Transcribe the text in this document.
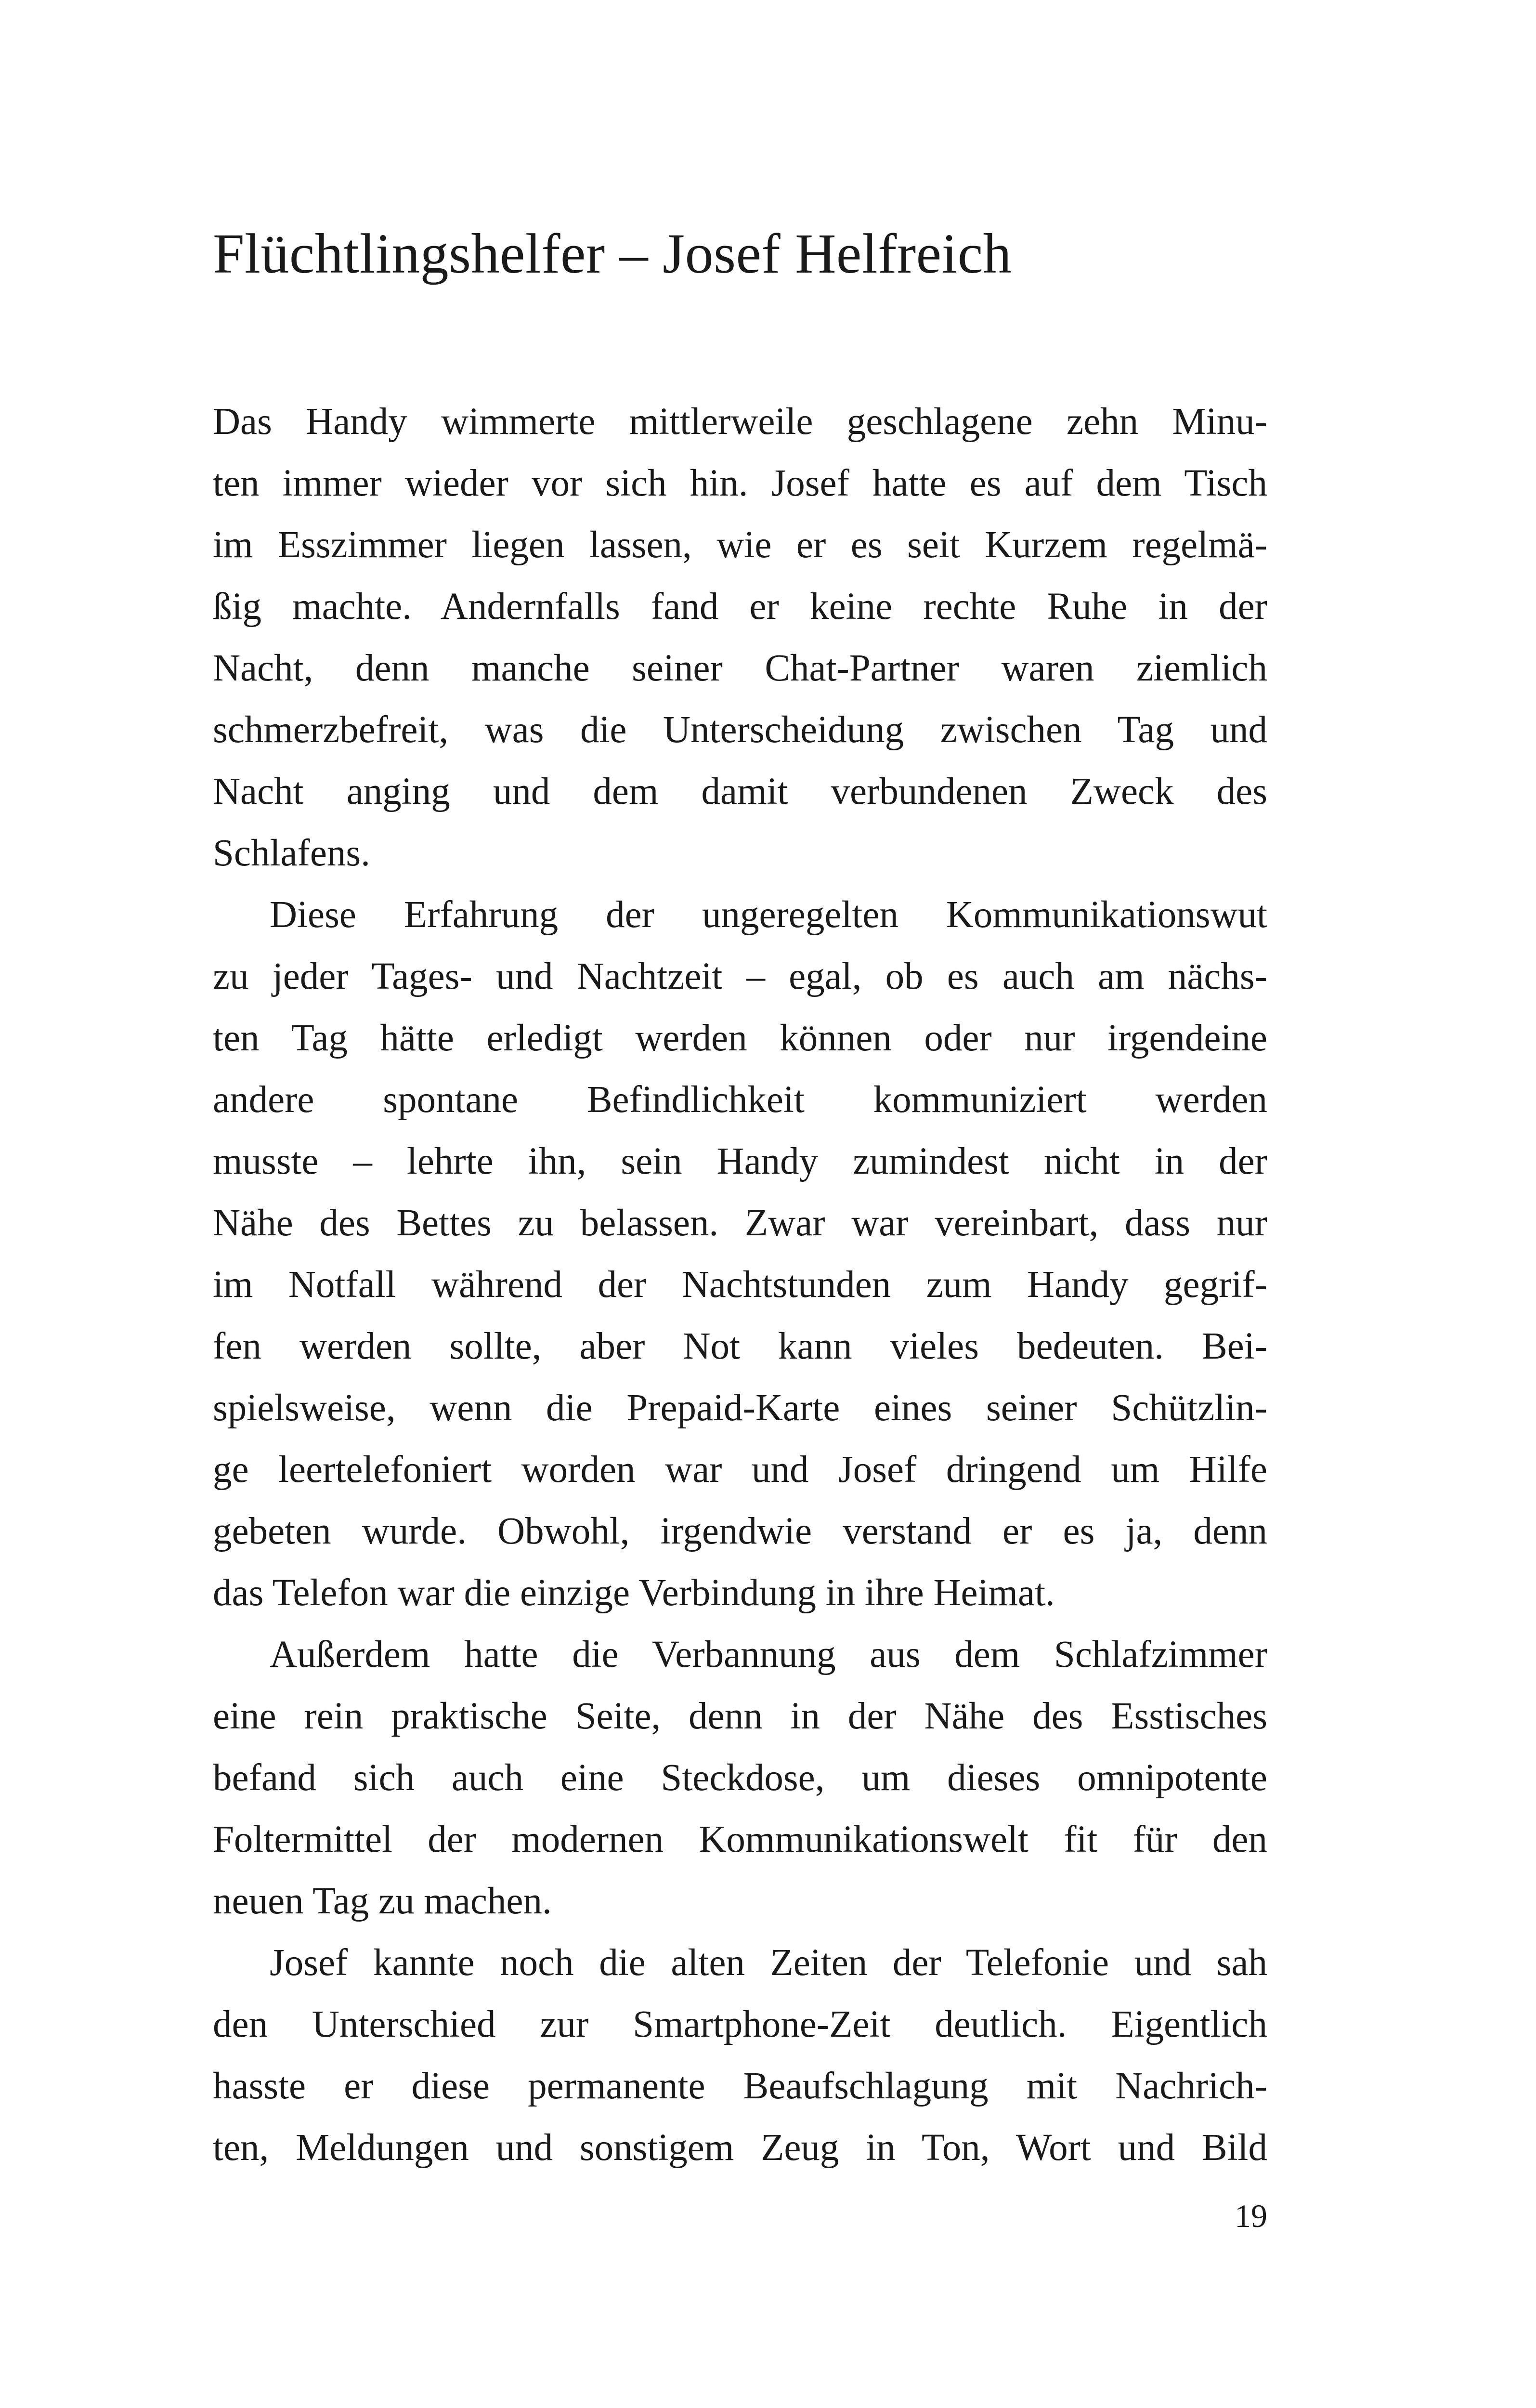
Flüchtlingshelfer – Josef Helfreich
Das Handy wimmerte mittlerweile geschlagene zehn Minu-
ten immer wieder vor sich hin. Josef hatte es auf dem Tisch
im Esszimmer liegen lassen, wie er es seit Kurzem regelmä-
ßig machte. Andernfalls fand er keine rechte Ruhe in der
Nacht, denn manche seiner Chat-Partner waren ziemlich
schmerzbefreit, was die Unterscheidung zwischen Tag und
Nacht anging und dem damit verbundenen Zweck des
Schlafens.
Diese Erfahrung der ungeregelten Kommunikationswut
zu jeder Tages- und Nachtzeit – egal, ob es auch am nächs-
ten Tag hätte erledigt werden können oder nur irgendeine
andere spontane Befindlichkeit kommuniziert werden
musste – lehrte ihn, sein Handy zumindest nicht in der
Nähe des Bettes zu belassen. Zwar war vereinbart, dass nur
im Notfall während der Nachtstunden zum Handy gegrif-
fen werden sollte, aber Not kann vieles bedeuten. Bei-
spielsweise, wenn die Prepaid-Karte eines seiner Schützlin-
ge leertelefoniert worden war und Josef dringend um Hilfe
gebeten wurde. Obwohl, irgendwie verstand er es ja, denn
das Telefon war die einzige Verbindung in ihre Heimat.
Außerdem hatte die Verbannung aus dem Schlafzimmer
eine rein praktische Seite, denn in der Nähe des Esstisches
befand sich auch eine Steckdose, um dieses omnipotente
Foltermittel der modernen Kommunikationswelt fit für den
neuen Tag zu machen.
Josef kannte noch die alten Zeiten der Telefonie und sah
den Unterschied zur Smartphone-Zeit deutlich. Eigentlich
hasste er diese permanente Beaufschlagung mit Nachrich-
ten, Meldungen und sonstigem Zeug in Ton, Wort und Bild
19
